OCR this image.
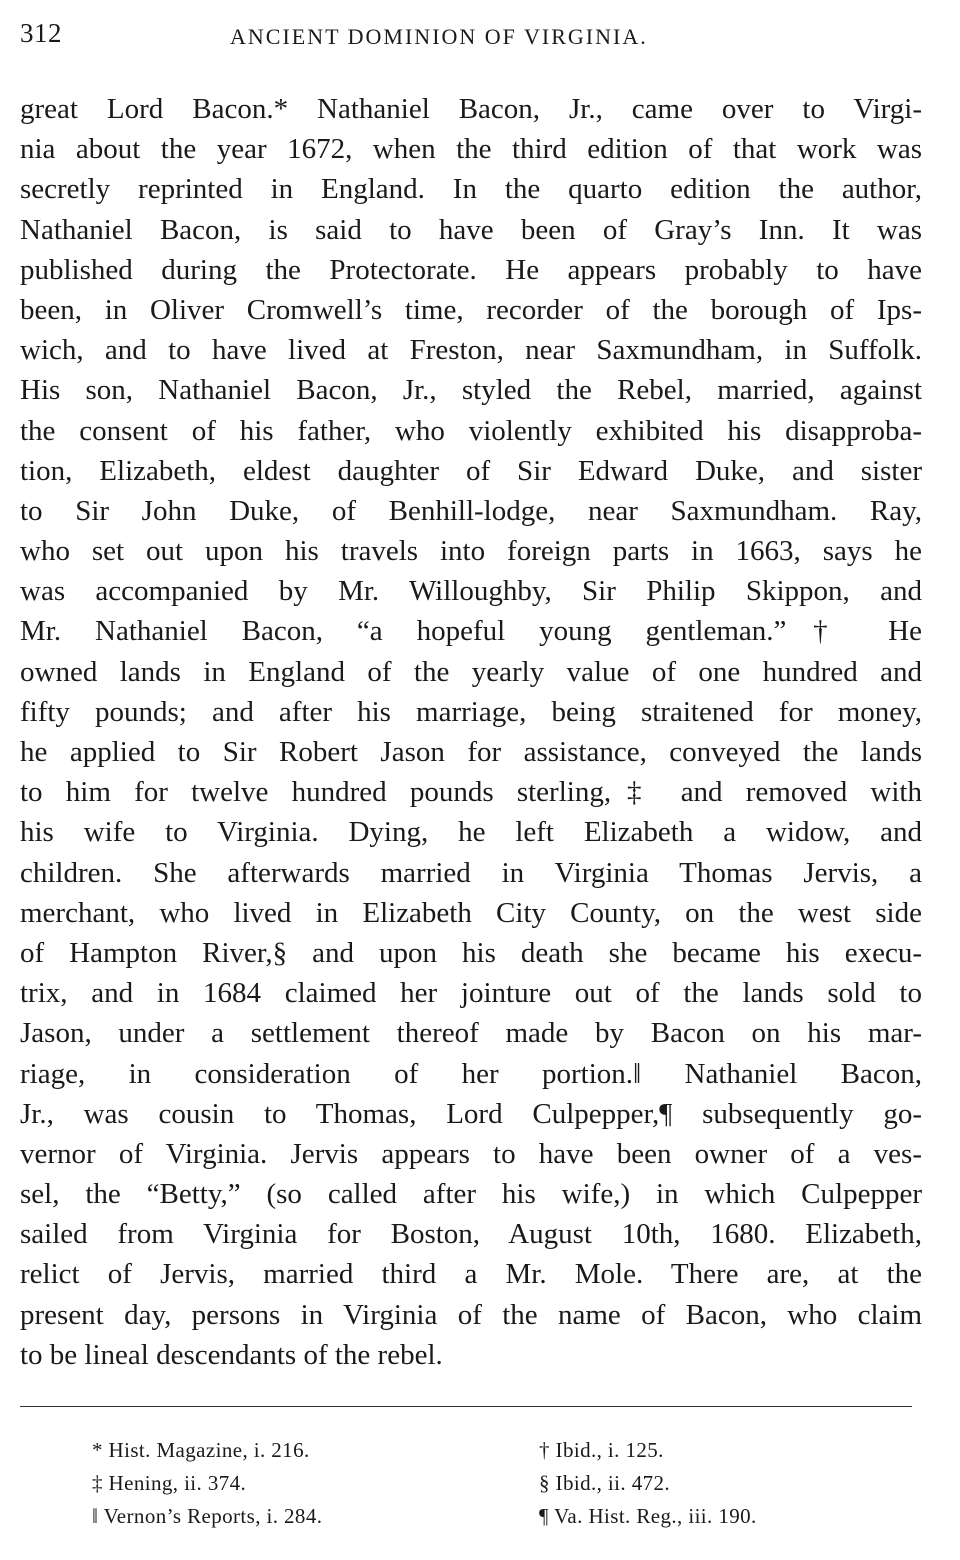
312	ANCIENT DOMINION OF VIRGINIA.
great Lord Bacon.* Nathaniel Bacon, Jr., came over to Virgi-
nia about the year 1672, when the third edition of that work was
secretly reprinted in England. In the quarto edition the author,
Nathaniel Bacon, is said to have been of Gray’s Inn. It was
published during the Protectorate. He appears probably to have
been, in Oliver Cromwell’s time, recorder of the borough of Ips-
wich, and to have lived at Freston, near Saxmundham, in Suffolk.
His son, Nathaniel Bacon, Jr., styled the Rebel, married, against
the consent of his father, who violently exhibited his disapproba-
tion, Elizabeth, eldest daughter of Sir Edward Duke, and sister
to Sir John Duke, of Benhill-lodge, near Saxmundham. Ray,
who set out upon his travels into foreign parts in 1663, says he
was accompanied by Mr. Willoughby, Sir Philip Skippon, and
Mr. Nathaniel Bacon, “a hopeful young gentleman.”† He
owned lands in England of the yearly value of one hundred and
fifty pounds; and after his marriage, being straitened for money,
he applied to Sir Robert Jason for assistance, conveyed the lands
to him for twelve hundred pounds sterling,‡ and removed with
his wife to Virginia. Dying, he left Elizabeth a widow, and
children. She afterwards married in Virginia Thomas Jervis, a
merchant, who lived in Elizabeth City County, on the west side
of Hampton River,§ and upon his death she became his execu-
trix, and in 1684 claimed her jointure out of the lands sold to
Jason, under a settlement thereof made by Bacon on his mar-
riage, in consideration of her portion.‖ Nathaniel Bacon,
Jr., was cousin to Thomas, Lord Culpepper,¶ subsequently go-
vernor of Virginia. Jervis appears to have been owner of a ves-
sel, the “Betty,” (so called after his wife,) in which Culpepper
sailed from Virginia for Boston, August 10th, 1680. Elizabeth,
relict of Jervis, married third a Mr. Mole. There are, at the
present day, persons in Virginia of the name of Bacon, who claim
to be lineal descendants of the rebel.
* Hist. Magazine, i. 216.
‡ Hening, ii. 374.
‖ Vernon’s Reports, i. 284.
† Ibid., i. 125.
§ Ibid., ii. 472.
¶ Va. Hist. Reg., iii. 190.
